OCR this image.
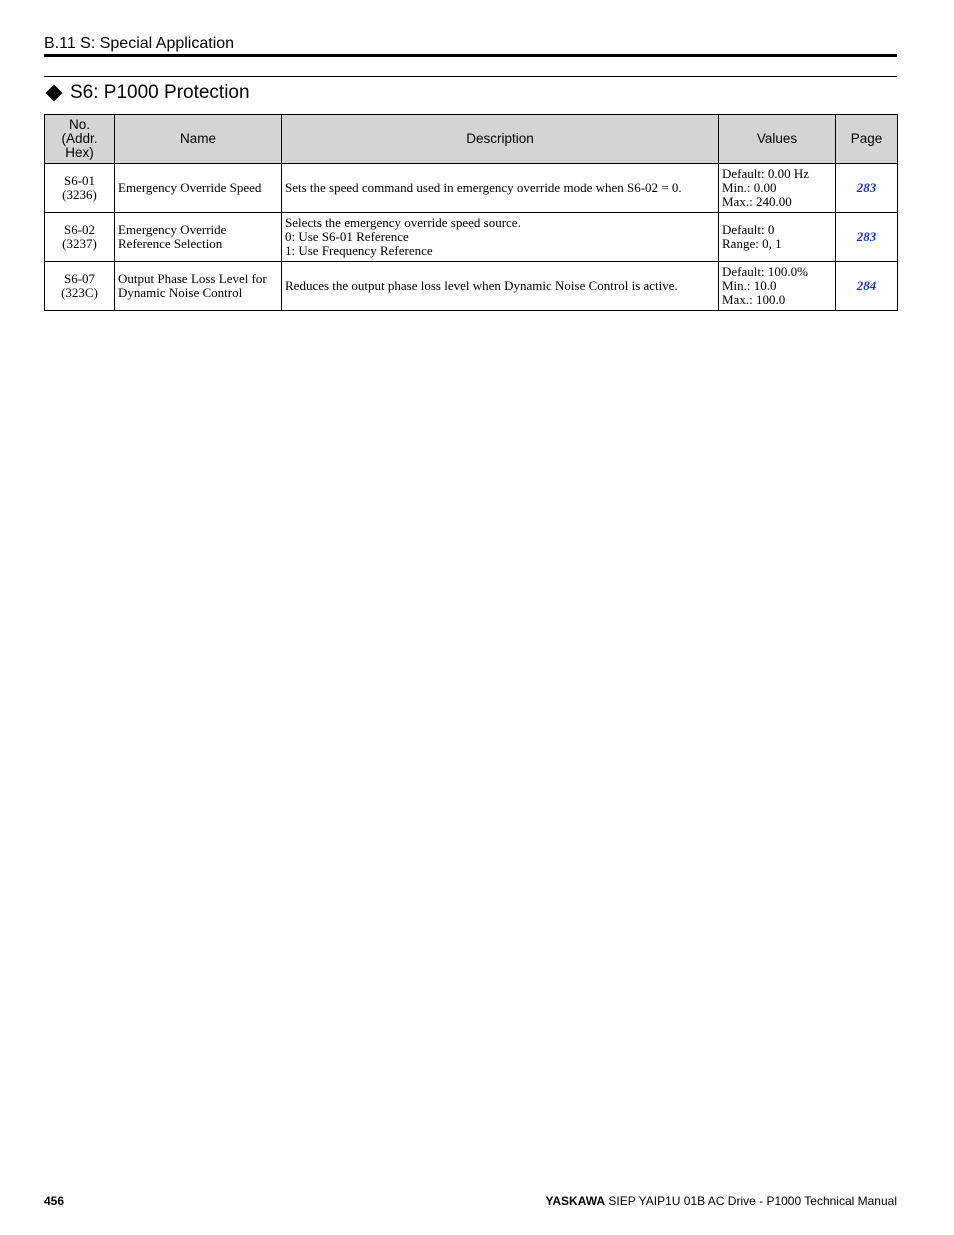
B.11 S: Special Application
S6: P1000 Protection
No.
(Addr.
Hex)	Name	Description	Values	Page

S6-01
(3236)	Emergency Override Speed	Sets the speed command used in emergency override mode when S6-02 = 0.	Default: 0.00 Hz
Min.: 0.00
Max.: 240.00	283

S6-02
(3237)	Emergency Override
Reference Selection	Selects the emergency override speed source.
0: Use S6-01 Reference
1: Use Frequency Reference	Default: 0
Range: 0, 1	283

S6-07
(323C)	Output Phase Loss Level for
Dynamic Noise Control	Reduces the output phase loss level when Dynamic Noise Control is active.	Default: 100.0%
Min.: 10.0
Max.: 100.0	284
456	YASKAWA SIEP YAIP1U 01B AC Drive - P1000 Technical Manual
